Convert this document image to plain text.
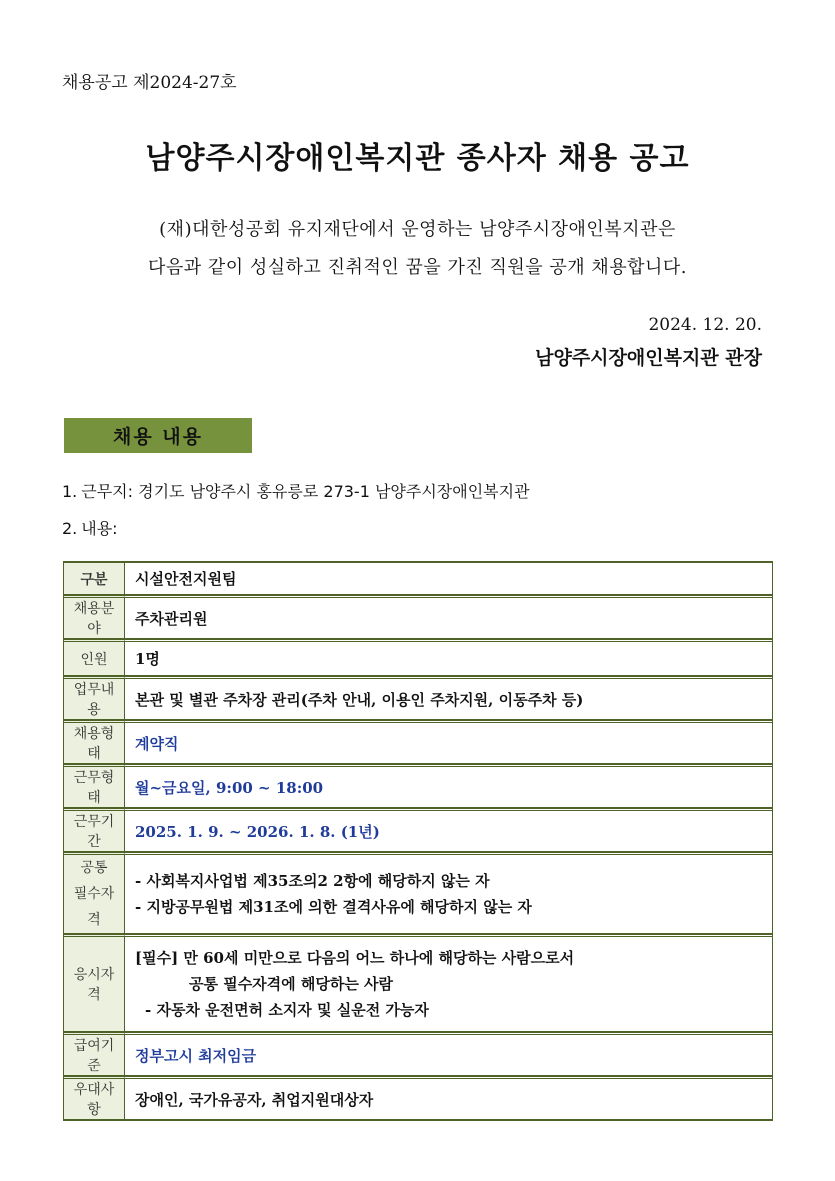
채용공고 제2024-27호
남양주시장애인복지관 종사자 채용 공고
(재)대한성공회 유지재단에서 운영하는 남양주시장애인복지관은
다음과 같이 성실하고 진취적인 꿈을 가진 직원을 공개 채용합니다.
2024. 12. 20.
남양주시장애인복지관 관장
채용 내용
1. 근무지: 경기도 남양주시 홍유릉로 273-1 남양주시장애인복지관
2. 내용:
구분	시설안전지원팀
채용분야	주차관리원
인원	1명
업무내용	본관 및 별관 주차장 관리(주차 안내, 이용인 주차지원, 이동주차 등)
채용형태	계약직
근무형태	월~금요일, 9:00 ~ 18:00
근무기간	2025. 1. 9. ~ 2026. 1. 8. (1년)

공통
필수자격	- 사회복지사업법 제35조의2 2항에 해당하지 않는 자
- 지방공무원법 제31조에 의한 결격사유에 해당하지 않는 자

응시자격	[필수] 만 60세 미만으로 다음의 어느 하나에 해당하는 사람으로서
공통 필수자격에 해당하는 사람
- 자동차 운전면허 소지자 및 실운전 가능자

급여기준	정부고시 최저임금
우대사항	장애인, 국가유공자, 취업지원대상자
